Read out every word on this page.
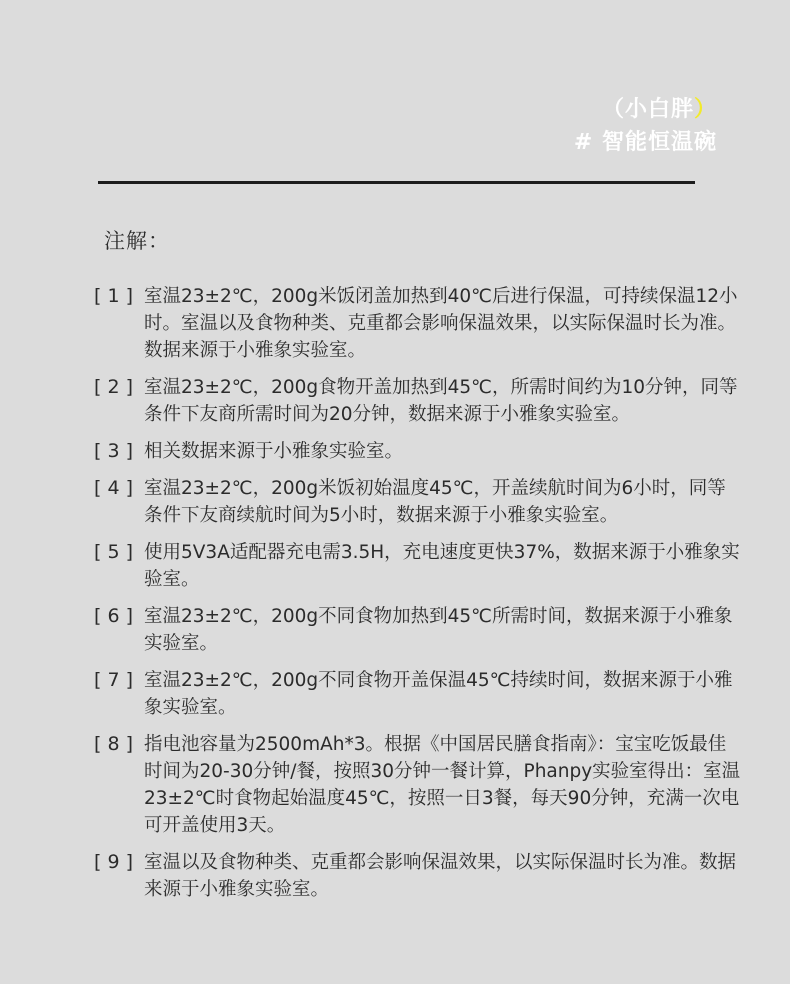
（小白胖）
# 智能恒温碗
注解：
[ 1 ] 室温23±2℃，200g米饭闭盖加热到40℃后进行保温，可持续保温12小时。室温以及食物种类、克重都会影响保温效果，以实际保温时长为准。数据来源于小雅象实验室。

[ 2 ] 室温23±2℃，200g食物开盖加热到45℃，所需时间约为10分钟，同等条件下友商所需时间为20分钟，数据来源于小雅象实验室。

[ 3 ] 相关数据来源于小雅象实验室。

[ 4 ] 室温23±2℃，200g米饭初始温度45℃，开盖续航时间为6小时，同等条件下友商续航时间为5小时，数据来源于小雅象实验室。

[ 5 ] 使用5V3A适配器充电需3.5H，充电速度更快37%，数据来源于小雅象实验室。

[ 6 ] 室温23±2℃，200g不同食物加热到45℃所需时间，数据来源于小雅象实验室。

[ 7 ] 室温23±2℃，200g不同食物开盖保温45℃持续时间，数据来源于小雅象实验室。

[ 8 ] 指电池容量为2500mAh*3。根据《中国居民膳食指南》：宝宝吃饭最佳时间为20-30分钟/餐，按照30分钟一餐计算，Phanpy实验室得出：室温23±2℃时食物起始温度45℃，按照一日3餐，每天90分钟，充满一次电可开盖使用3天。

[ 9 ] 室温以及食物种类、克重都会影响保温效果，以实际保温时长为准。数据来源于小雅象实验室。
